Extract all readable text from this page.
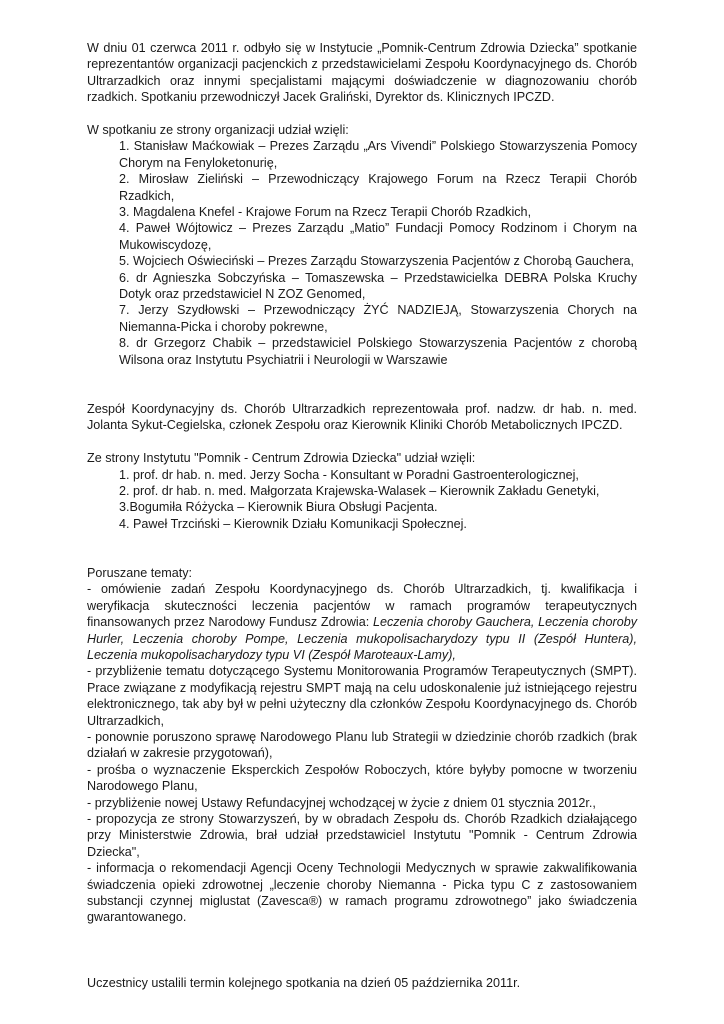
W dniu 01 czerwca 2011 r. odbyło się w Instytucie „Pomnik-Centrum Zdrowia Dziecka” spotkanie reprezentantów organizacji pacjenckich z przedstawicielami Zespołu Koordynacyjnego ds. Chorób Ultrarzadkich oraz innymi specjalistami mającymi doświadczenie w diagnozowaniu chorób rzadkich. Spotkaniu przewodniczył Jacek Graliński, Dyrektor ds. Klinicznych IPCZD.

W spotkaniu ze strony organizacji udział wzięli:

1. Stanisław Maćkowiak – Prezes Zarządu „Ars Vivendi” Polskiego Stowarzyszenia Pomocy Chorym na Fenyloketonurię,
2. Mirosław Zieliński – Przewodniczący Krajowego Forum na Rzecz Terapii Chorób Rzadkich,
3. Magdalena Knefel - Krajowe Forum na Rzecz Terapii Chorób Rzadkich,
4. Paweł Wójtowicz – Prezes Zarządu „Matio” Fundacji Pomocy Rodzinom i Chorym na Mukowiscydozę,
5. Wojciech Oświeciński – Prezes Zarządu Stowarzyszenia Pacjentów z Chorobą Gauchera,
6. dr Agnieszka Sobczyńska – Tomaszewska – Przedstawicielka DEBRA Polska Kruchy Dotyk oraz przedstawiciel N ZOZ Genomed,
7. Jerzy Szydłowski – Przewodniczący ŻYĆ NADZIEJĄ, Stowarzyszenia Chorych na Niemanna-Picka i choroby pokrewne,
8. dr Grzegorz Chabik – przedstawiciel Polskiego Stowarzyszenia Pacjentów z chorobą Wilsona oraz Instytutu Psychiatrii i Neurologii w Warszawie

Zespół Koordynacyjny ds. Chorób Ultrarzadkich reprezentowała prof. nadzw. dr hab. n. med. Jolanta Sykut-Cegielska, członek Zespołu oraz Kierownik Kliniki Chorób Metabolicznych IPCZD.

Ze strony Instytutu "Pomnik - Centrum Zdrowia Dziecka" udział wzięli:

1. prof. dr hab. n. med. Jerzy Socha - Konsultant w Poradni Gastroenterologicznej,
2. prof. dr hab. n. med. Małgorzata Krajewska-Walasek – Kierownik Zakładu Genetyki,
3.Bogumiła Różycka – Kierownik Biura Obsługi Pacjenta.
4. Paweł Trzciński – Kierownik Działu Komunikacji Społecznej.

Poruszane tematy:

- omówienie zadań Zespołu Koordynacyjnego ds. Chorób Ultrarzadkich, tj. kwalifikacja i weryfikacja skuteczności leczenia pacjentów w ramach programów terapeutycznych finansowanych przez Narodowy Fundusz Zdrowia: Leczenia choroby Gauchera, Leczenia choroby Hurler, Leczenia choroby Pompe, Leczenia mukopolisacharydozy typu II (Zespół Huntera), Leczenia mukopolisacharydozy typu VI (Zespół Maroteaux-Lamy),

- przybliżenie tematu dotyczącego Systemu Monitorowania Programów Terapeutycznych (SMPT). Prace związane z modyfikacją rejestru SMPT mają na celu udoskonalenie już istniejącego rejestru elektronicznego, tak aby był w pełni użyteczny dla członków Zespołu Koordynacyjnego ds. Chorób Ultrarzadkich,

- ponownie poruszono sprawę Narodowego Planu lub Strategii w dziedzinie chorób rzadkich (brak działań w zakresie przygotowań),

- prośba o wyznaczenie Eksperckich Zespołów Roboczych, które byłyby pomocne w tworzeniu Narodowego Planu,

- przybliżenie nowej Ustawy Refundacyjnej wchodzącej w życie z dniem 01 stycznia 2012r.,

- propozycja ze strony Stowarzyszeń, by w obradach Zespołu ds. Chorób Rzadkich działającego przy Ministerstwie Zdrowia, brał udział przedstawiciel Instytutu "Pomnik - Centrum Zdrowia Dziecka",

- informacja o rekomendacji Agencji Oceny Technologii Medycznych w sprawie zakwalifikowania świadczenia opieki zdrowotnej „leczenie choroby Niemanna ‑ Picka typu C z zastosowaniem substancji czynnej miglustat (Zavesca®) w ramach programu zdrowotnego” jako świadczenia gwarantowanego.

Uczestnicy ustalili termin kolejnego spotkania na dzień 05 października 2011r.
